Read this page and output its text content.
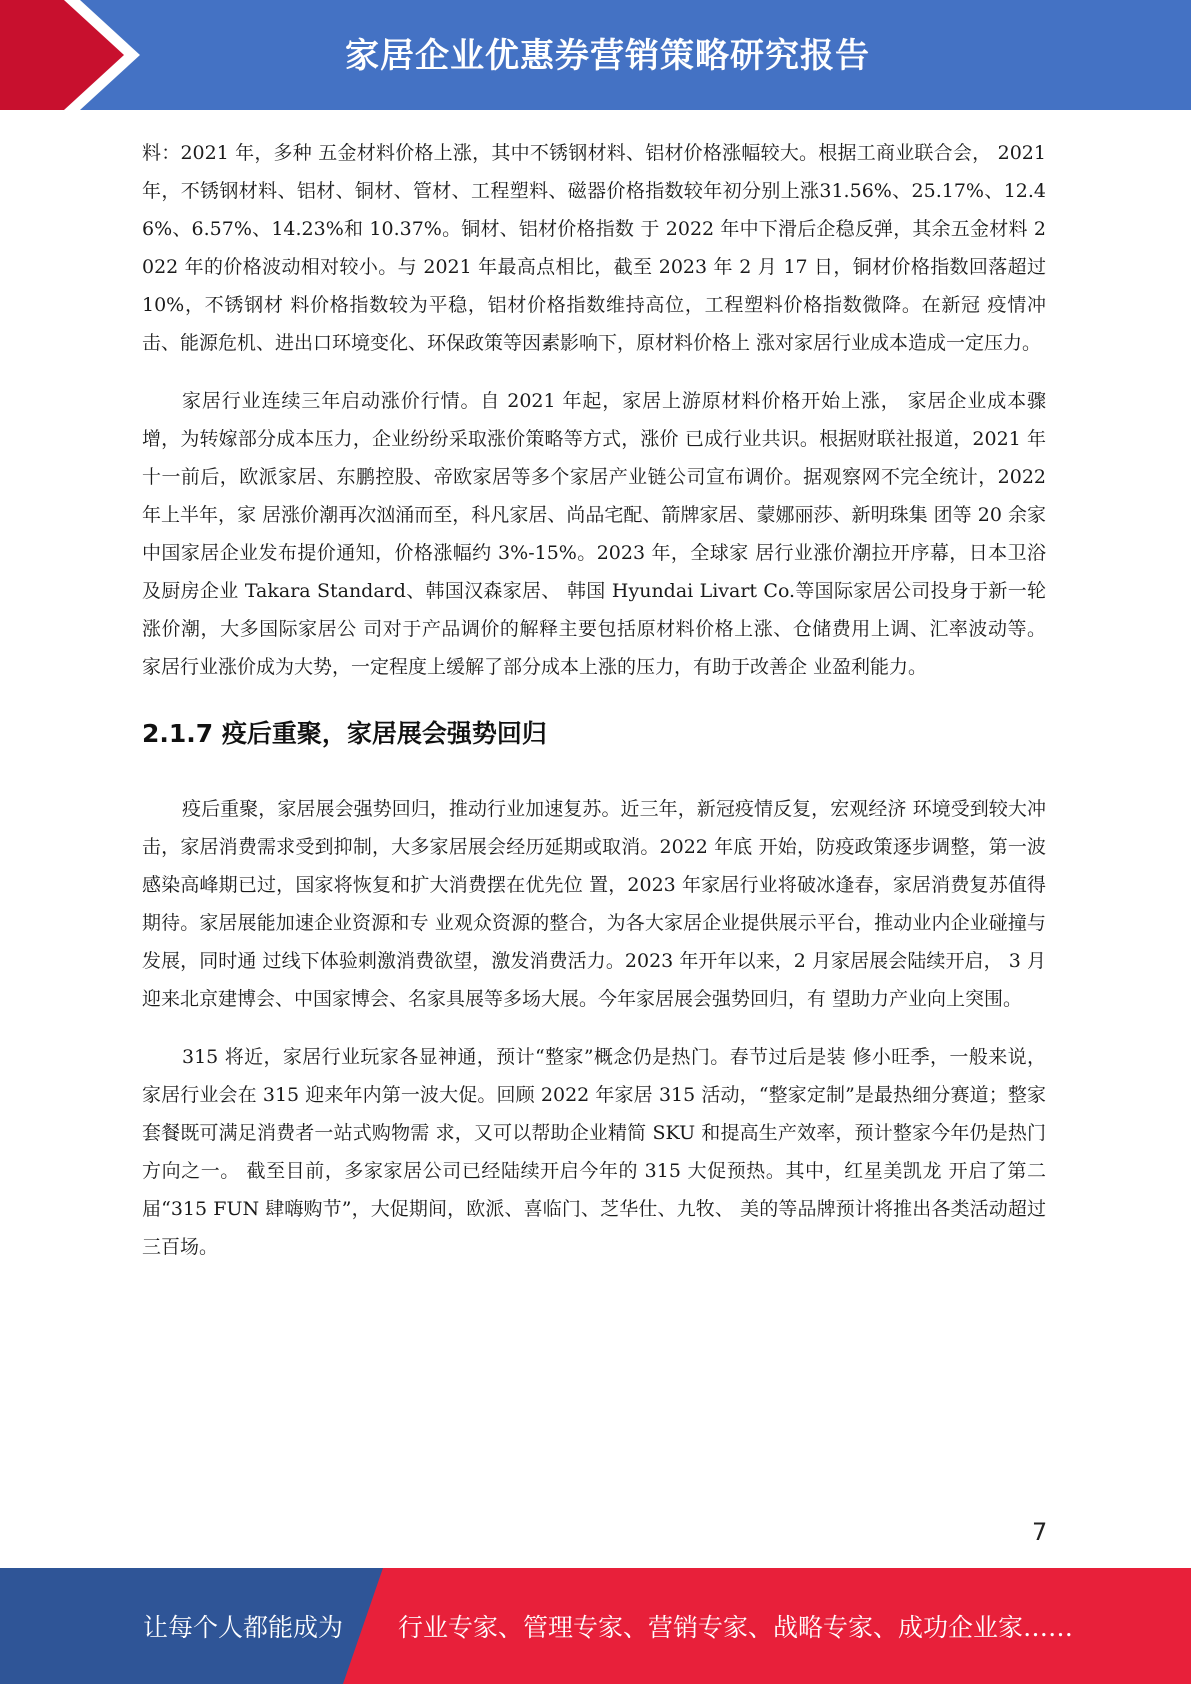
家居企业优惠券营销策略研究报告

料：2021 年，多种 五金材料价格上涨，其中不锈钢材料、铝材价格涨幅较大。根据工商业联合会， 2021 年，不锈钢材料、铝材、铜材、管材、工程塑料、磁器价格指数较年初分别上涨31.56%、25.17%、12.46%、6.57%、14.23%和 10.37%。铜材、铝材价格指数 于 2022 年中下滑后企稳反弹，其余五金材料 2022 年的价格波动相对较小。与 2021 年最高点相比，截至 2023 年 2 月 17 日，铜材价格指数回落超过 10%，不锈钢材 料价格指数较为平稳，铝材价格指数维持高位，工程塑料价格指数微降。在新冠 疫情冲击、能源危机、进出口环境变化、环保政策等因素影响下，原材料价格上 涨对家居行业成本造成一定压力。

家居行业连续三年启动涨价行情。自 2021 年起，家居上游原材料价格开始上涨， 家居企业成本骤增，为转嫁部分成本压力，企业纷纷采取涨价策略等方式，涨价 已成行业共识。根据财联社报道，2021 年十一前后，欧派家居、东鹏控股、帝欧家居等多个家居产业链公司宣布调价。据观察网不完全统计，2022 年上半年，家 居涨价潮再次汹涌而至，科凡家居、尚品宅配、箭牌家居、蒙娜丽莎、新明珠集 团等 20 余家中国家居企业发布提价通知，价格涨幅约 3%-15%。2023 年，全球家 居行业涨价潮拉开序幕，日本卫浴及厨房企业 Takara Standard、韩国汉森家居、 韩国 Hyundai Livart Co.等国际家居公司投身于新一轮涨价潮，大多国际家居公 司对于产品调价的解释主要包括原材料价格上涨、仓储费用上调、汇率波动等。 家居行业涨价成为大势，一定程度上缓解了部分成本上涨的压力，有助于改善企 业盈利能力。

2.1.7 疫后重聚，家居展会强势回归

疫后重聚，家居展会强势回归，推动行业加速复苏。近三年，新冠疫情反复，宏观经济 环境受到较大冲击，家居消费需求受到抑制，大多家居展会经历延期或取消。2022 年底 开始，防疫政策逐步调整，第一波感染高峰期已过，国家将恢复和扩大消费摆在优先位 置，2023 年家居行业将破冰逢春，家居消费复苏值得期待。家居展能加速企业资源和专 业观众资源的整合，为各大家居企业提供展示平台，推动业内企业碰撞与发展，同时通 过线下体验刺激消费欲望，激发消费活力。2023 年开年以来，2 月家居展会陆续开启， 3 月迎来北京建博会、中国家博会、名家具展等多场大展。今年家居展会强势回归，有 望助力产业向上突围。

315 将近，家居行业玩家各显神通，预计“整家”概念仍是热门。春节过后是装 修小旺季，一般来说，家居行业会在 315 迎来年内第一波大促。回顾 2022 年家居 315 活动，“整家定制”是最热细分赛道；整家套餐既可满足消费者一站式购物需 求，又可以帮助企业精简 SKU 和提高生产效率，预计整家今年仍是热门方向之一。 截至目前，多家家居公司已经陆续开启今年的 315 大促预热。其中，红星美凯龙 开启了第二届“315 FUN 肆嗨购节”，大促期间，欧派、喜临门、芝华仕、九牧、 美的等品牌预计将推出各类活动超过三百场。

7
让每个人都能成为 行业专家、管理专家、营销专家、战略专家、成功企业家……
